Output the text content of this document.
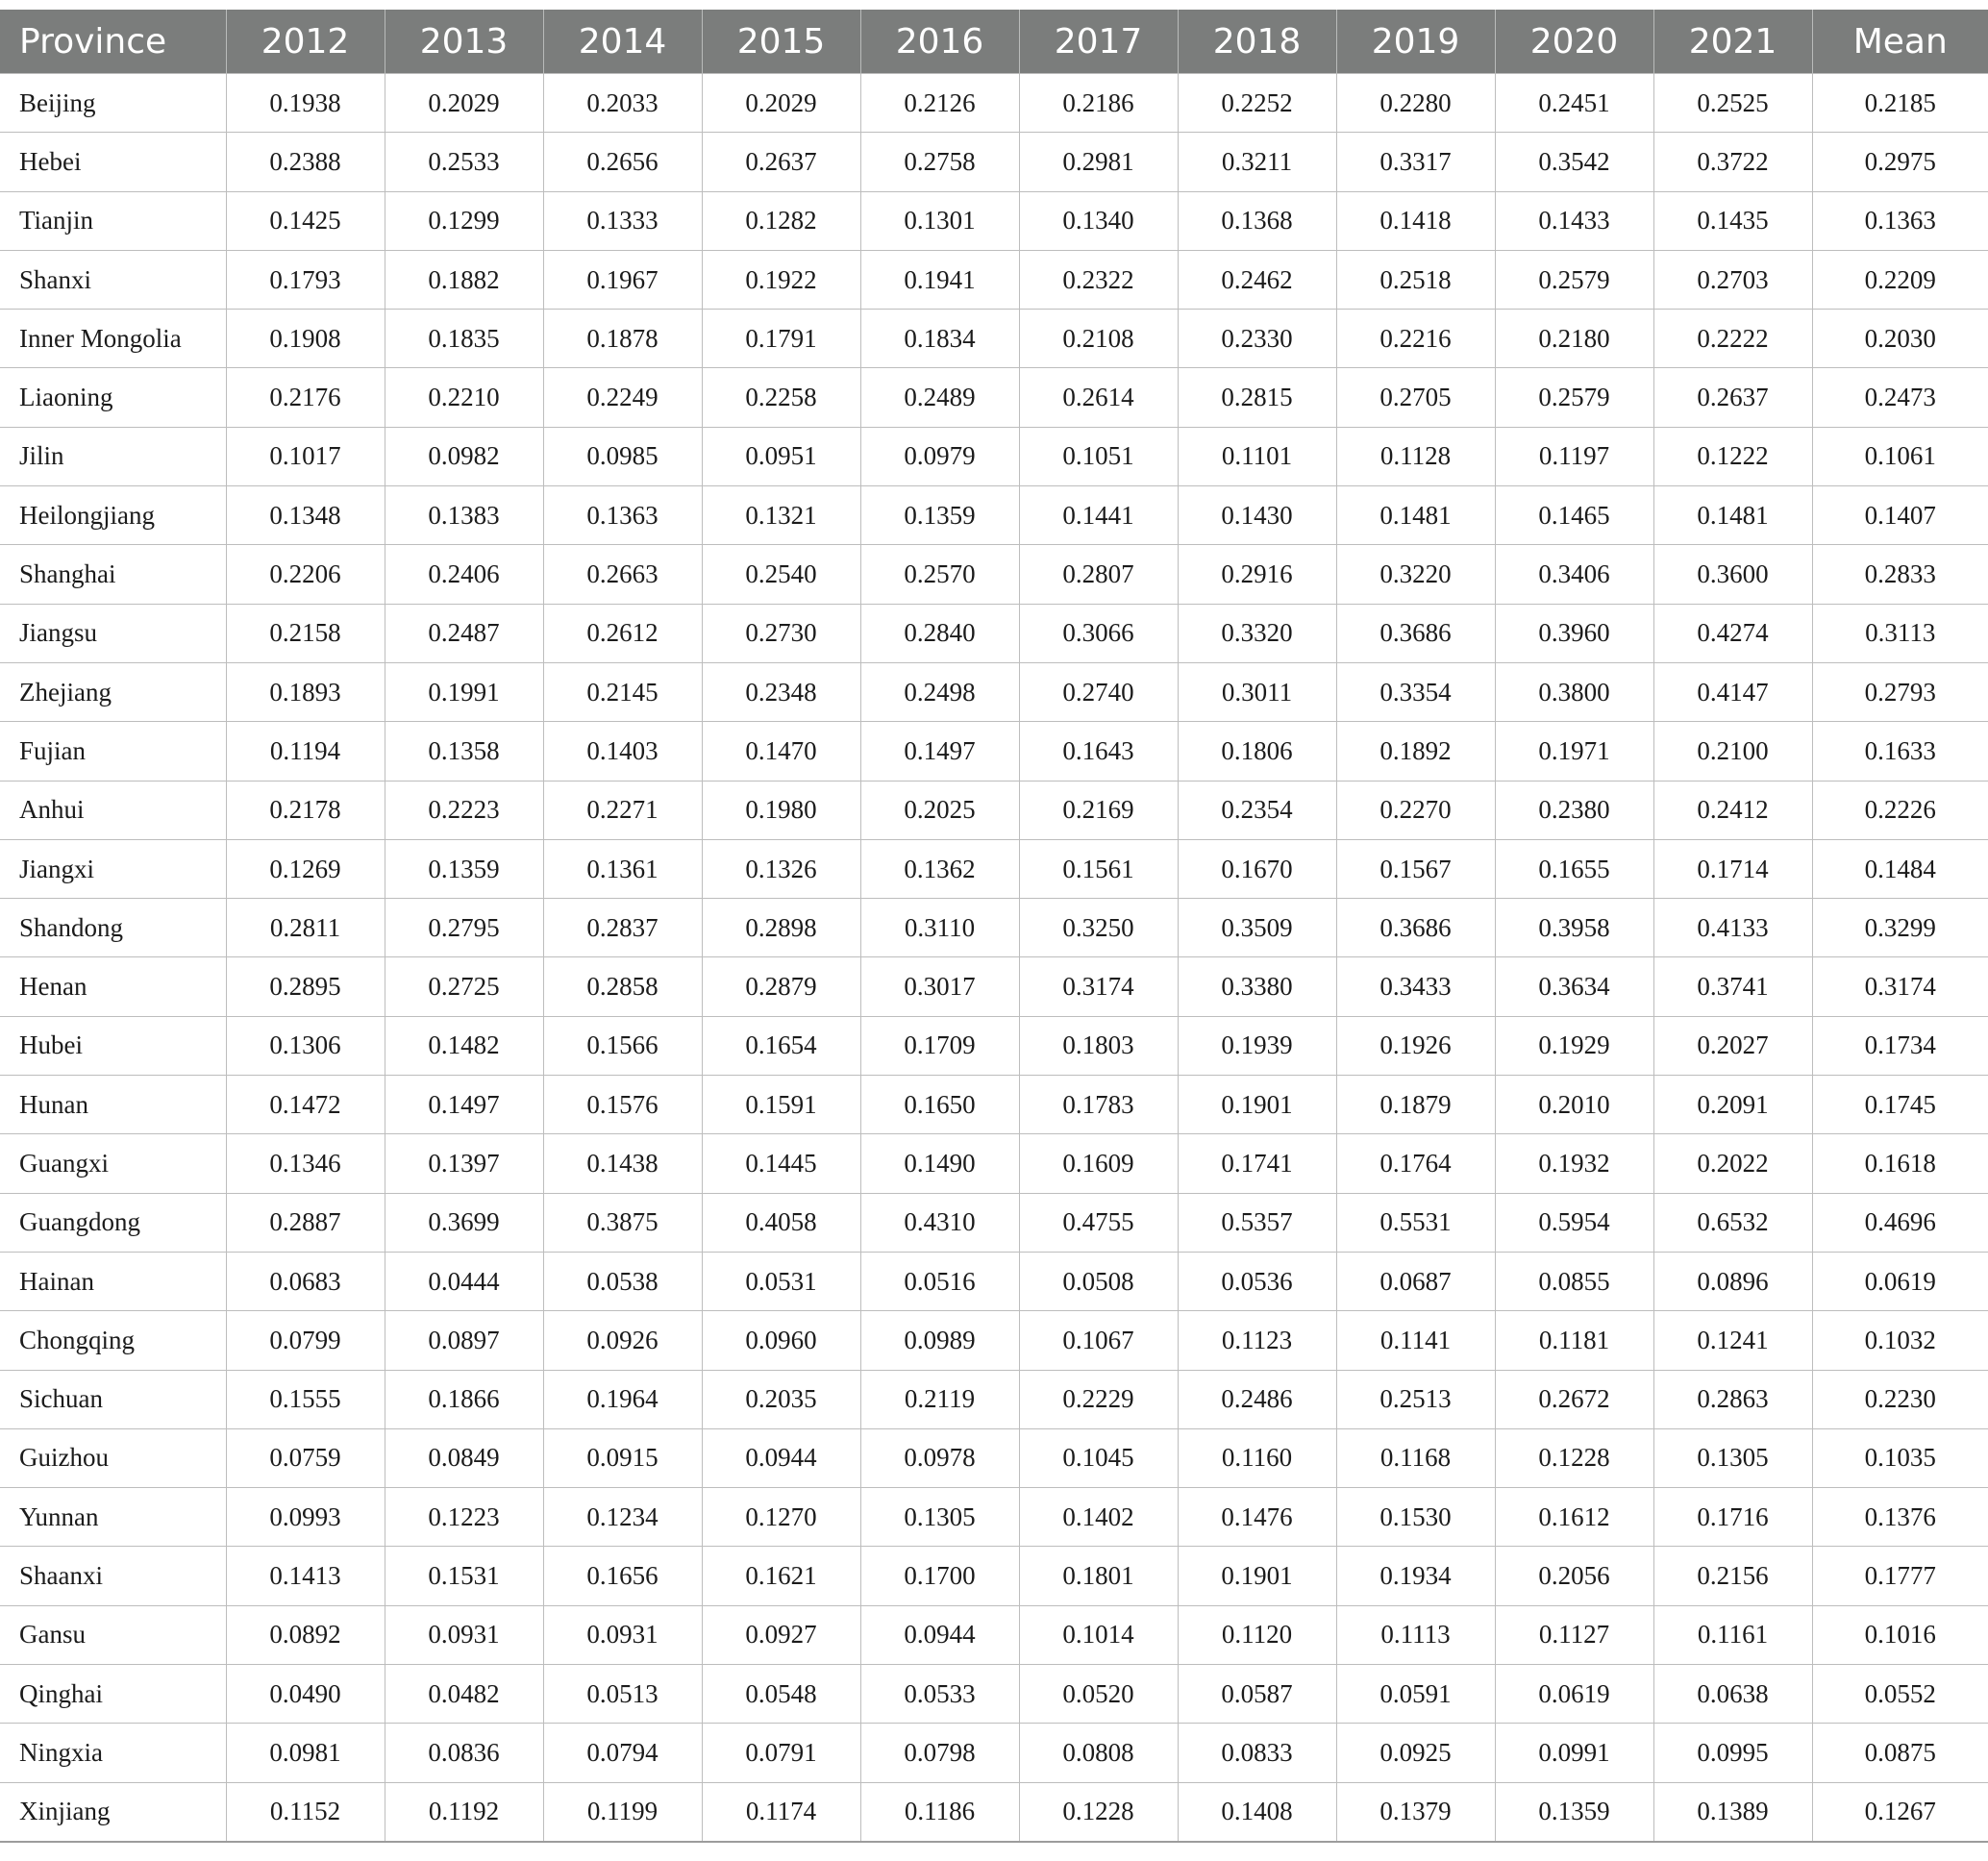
Province	2012	2013	2014	2015	2016	2017	2018	2019	2020	2021	Mean
Beijing	0.1938	0.2029	0.2033	0.2029	0.2126	0.2186	0.2252	0.2280	0.2451	0.2525	0.2185
Hebei	0.2388	0.2533	0.2656	0.2637	0.2758	0.2981	0.3211	0.3317	0.3542	0.3722	0.2975
Tianjin	0.1425	0.1299	0.1333	0.1282	0.1301	0.1340	0.1368	0.1418	0.1433	0.1435	0.1363
Shanxi	0.1793	0.1882	0.1967	0.1922	0.1941	0.2322	0.2462	0.2518	0.2579	0.2703	0.2209
Inner Mongolia	0.1908	0.1835	0.1878	0.1791	0.1834	0.2108	0.2330	0.2216	0.2180	0.2222	0.2030
Liaoning	0.2176	0.2210	0.2249	0.2258	0.2489	0.2614	0.2815	0.2705	0.2579	0.2637	0.2473
Jilin	0.1017	0.0982	0.0985	0.0951	0.0979	0.1051	0.1101	0.1128	0.1197	0.1222	0.1061
Heilongjiang	0.1348	0.1383	0.1363	0.1321	0.1359	0.1441	0.1430	0.1481	0.1465	0.1481	0.1407
Shanghai	0.2206	0.2406	0.2663	0.2540	0.2570	0.2807	0.2916	0.3220	0.3406	0.3600	0.2833
Jiangsu	0.2158	0.2487	0.2612	0.2730	0.2840	0.3066	0.3320	0.3686	0.3960	0.4274	0.3113
Zhejiang	0.1893	0.1991	0.2145	0.2348	0.2498	0.2740	0.3011	0.3354	0.3800	0.4147	0.2793
Fujian	0.1194	0.1358	0.1403	0.1470	0.1497	0.1643	0.1806	0.1892	0.1971	0.2100	0.1633
Anhui	0.2178	0.2223	0.2271	0.1980	0.2025	0.2169	0.2354	0.2270	0.2380	0.2412	0.2226
Jiangxi	0.1269	0.1359	0.1361	0.1326	0.1362	0.1561	0.1670	0.1567	0.1655	0.1714	0.1484
Shandong	0.2811	0.2795	0.2837	0.2898	0.3110	0.3250	0.3509	0.3686	0.3958	0.4133	0.3299
Henan	0.2895	0.2725	0.2858	0.2879	0.3017	0.3174	0.3380	0.3433	0.3634	0.3741	0.3174
Hubei	0.1306	0.1482	0.1566	0.1654	0.1709	0.1803	0.1939	0.1926	0.1929	0.2027	0.1734
Hunan	0.1472	0.1497	0.1576	0.1591	0.1650	0.1783	0.1901	0.1879	0.2010	0.2091	0.1745
Guangxi	0.1346	0.1397	0.1438	0.1445	0.1490	0.1609	0.1741	0.1764	0.1932	0.2022	0.1618
Guangdong	0.2887	0.3699	0.3875	0.4058	0.4310	0.4755	0.5357	0.5531	0.5954	0.6532	0.4696
Hainan	0.0683	0.0444	0.0538	0.0531	0.0516	0.0508	0.0536	0.0687	0.0855	0.0896	0.0619
Chongqing	0.0799	0.0897	0.0926	0.0960	0.0989	0.1067	0.1123	0.1141	0.1181	0.1241	0.1032
Sichuan	0.1555	0.1866	0.1964	0.2035	0.2119	0.2229	0.2486	0.2513	0.2672	0.2863	0.2230
Guizhou	0.0759	0.0849	0.0915	0.0944	0.0978	0.1045	0.1160	0.1168	0.1228	0.1305	0.1035
Yunnan	0.0993	0.1223	0.1234	0.1270	0.1305	0.1402	0.1476	0.1530	0.1612	0.1716	0.1376
Shaanxi	0.1413	0.1531	0.1656	0.1621	0.1700	0.1801	0.1901	0.1934	0.2056	0.2156	0.1777
Gansu	0.0892	0.0931	0.0931	0.0927	0.0944	0.1014	0.1120	0.1113	0.1127	0.1161	0.1016
Qinghai	0.0490	0.0482	0.0513	0.0548	0.0533	0.0520	0.0587	0.0591	0.0619	0.0638	0.0552
Ningxia	0.0981	0.0836	0.0794	0.0791	0.0798	0.0808	0.0833	0.0925	0.0991	0.0995	0.0875
Xinjiang	0.1152	0.1192	0.1199	0.1174	0.1186	0.1228	0.1408	0.1379	0.1359	0.1389	0.1267
